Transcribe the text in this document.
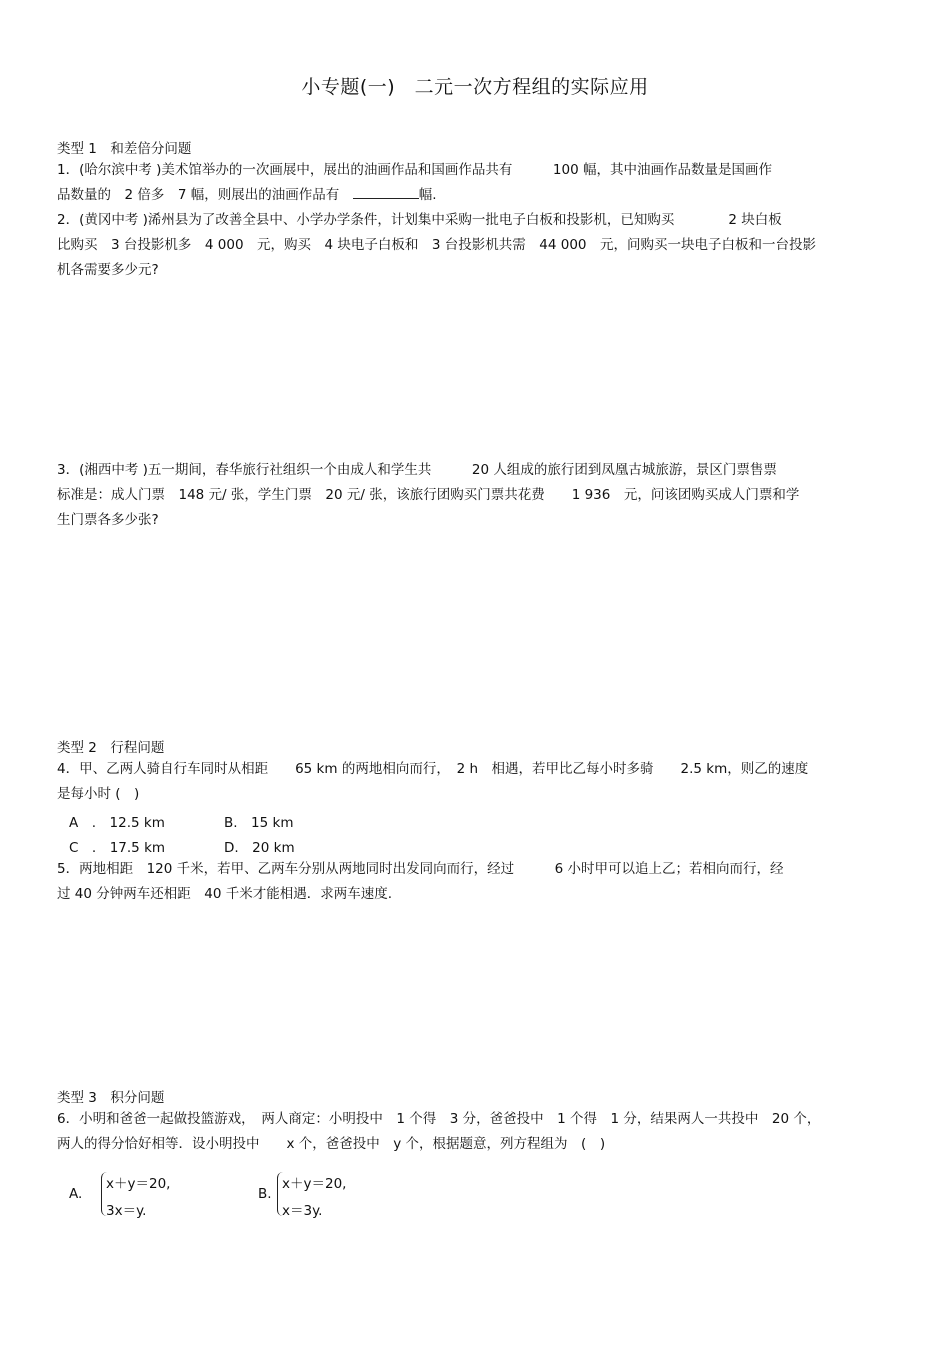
小专题(一)　二元一次方程组的实际应用
类型 1　和差倍分问题
1．(哈尔滨中考 )美术馆举办的一次画展中，展出的油画作品和国画作品共有　　　100 幅，其中油画作品数量是国画作
品数量的　2 倍多　7 幅，则展出的油画作品有　	幅.
2．(黄冈中考 )浠州县为了改善全县中、小学办学条件，计划集中采购一批电子白板和投影机，已知购买　　　　2 块白板
比购买　3 台投影机多　4 000　元，购买　4 块电子白板和　3 台投影机共需　44 000　元，问购买一块电子白板和一台投影
机各需要多少元?
3．(湘西中考 )五一期间，春华旅行社组织一个由成人和学生共　　　20 人组成的旅行团到凤凰古城旅游，景区门票售票
标准是：成人门票　148 元/ 张，学生门票　20 元/ 张，该旅行团购买门票共花费　　1 936　元，问该团购买成人门票和学
生门票各多少张?
类型 2　行程问题
4．甲、乙两人骑自行车同时从相距　　65 km 的两地相向而行，　2 h　相遇，若甲比乙每小时多骑　　2.5 km，则乙的速度
是每小时 (　)
A　.　12.5 km	B.　15 km
C　.　17.5 km	D.　20 km
5．两地相距　120 千米，若甲、乙两车分别从两地同时出发同向而行，经过　　　6 小时甲可以追上乙；若相向而行，经
过 40 分钟两车还相距　40 千米才能相遇．求两车速度.
类型 3　积分问题
6．小明和爸爸一起做投篮游戏，　两人商定：小明投中　1 个得　3 分，爸爸投中　1 个得　1 分，结果两人一共投中　20 个，
两人的得分恰好相等．设小明投中　　x 个，爸爸投中　y 个，根据题意，列方程组为　(　)
A.
x＋y＝20,
3x＝y.
B.
x＋y＝20,
x＝3y.
